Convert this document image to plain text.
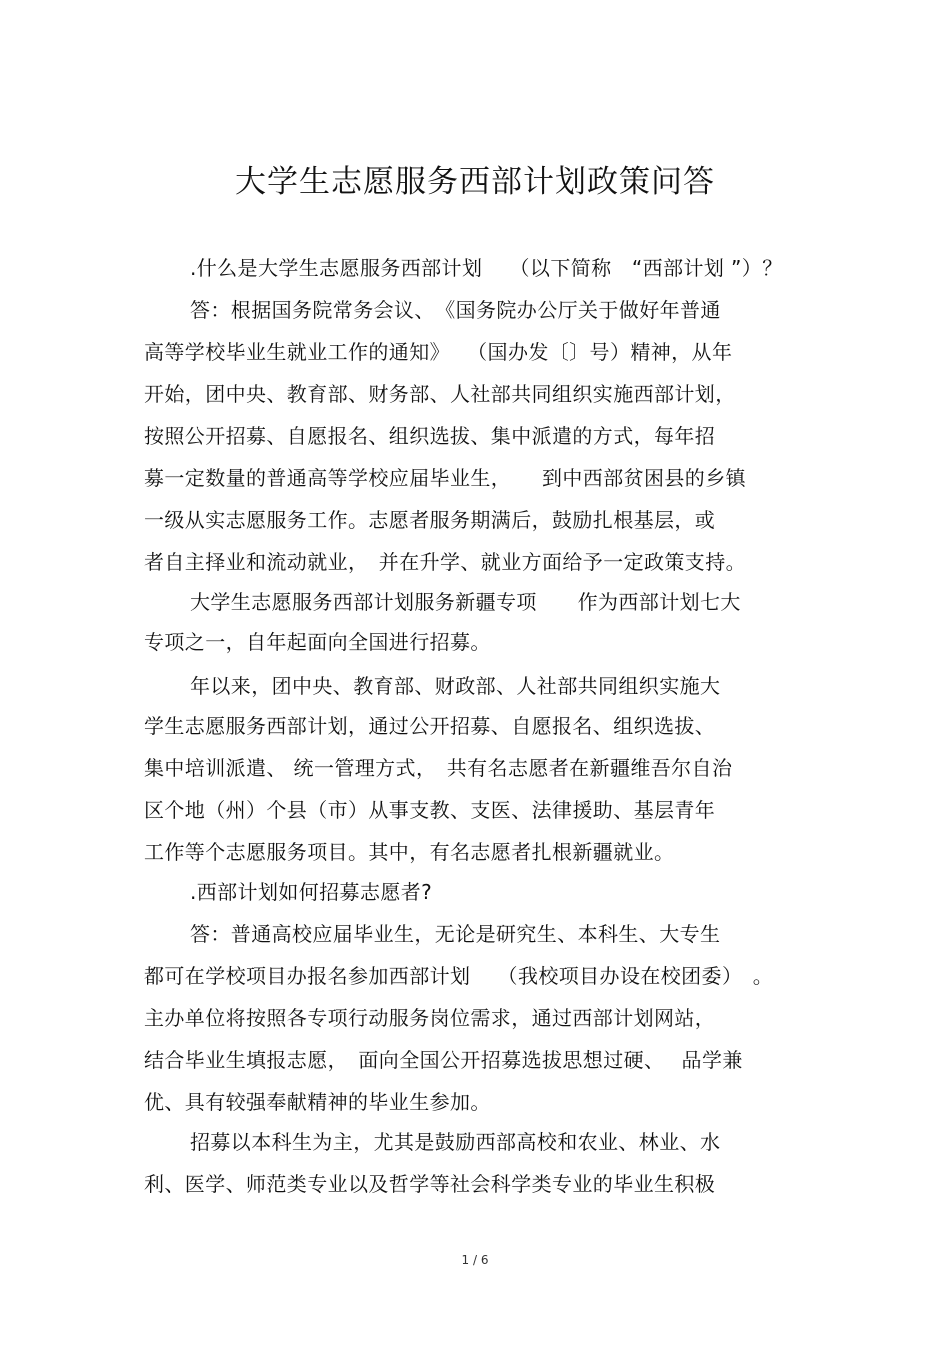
大学生志愿服务西部计划政策问答
.什么是大学生志愿服务西部计划　 （以下简称　“西部计划 ”）？
答：根据国务院常务会议、　《国务院办公厅关于做好年普通
高等学校毕业生就业工作的通知》　 （国办发〔〕号）精神，从年
开始，团中央、教育部、财务部、人社部共同组织实施西部计划，
按照公开招募、自愿报名、组织选拔、集中派遣的方式，每年招
募一定数量的普通高等学校应届毕业生，　　到中西部贫困县的乡镇
一级从实志愿服务工作。志愿者服务期满后，鼓励扎根基层，或
者自主择业和流动就业，　并在升学、就业方面给予一定政策支持。
大学生志愿服务西部计划服务新疆专项　　作为西部计划七大
专项之一，自年起面向全国进行招募。
年以来，团中央、教育部、财政部、人社部共同组织实施大
学生志愿服务西部计划，通过公开招募、自愿报名、组织选拔、
集中培训派遣、 统一管理方式，　共有名志愿者在新疆维吾尔自治
区个地（州）个县（市）从事支教、支医、法律援助、基层青年
工作等个志愿服务项目。其中，有名志愿者扎根新疆就业。
.西部计划如何招募志愿者?
答：普通高校应届毕业生，无论是研究生、本科生、大专生
都可在学校项目办报名参加西部计划　 （我校项目办设在校团委）　。
主办单位将按照各专项行动服务岗位需求，通过西部计划网站，
结合毕业生填报志愿，　面向全国公开招募选拔思想过硬、　 品学兼
优、具有较强奉献精神的毕业生参加。
招募以本科生为主，尤其是鼓励西部高校和农业、林业、水
利、医学、师范类专业以及哲学等社会科学类专业的毕业生积极
1 / 6
